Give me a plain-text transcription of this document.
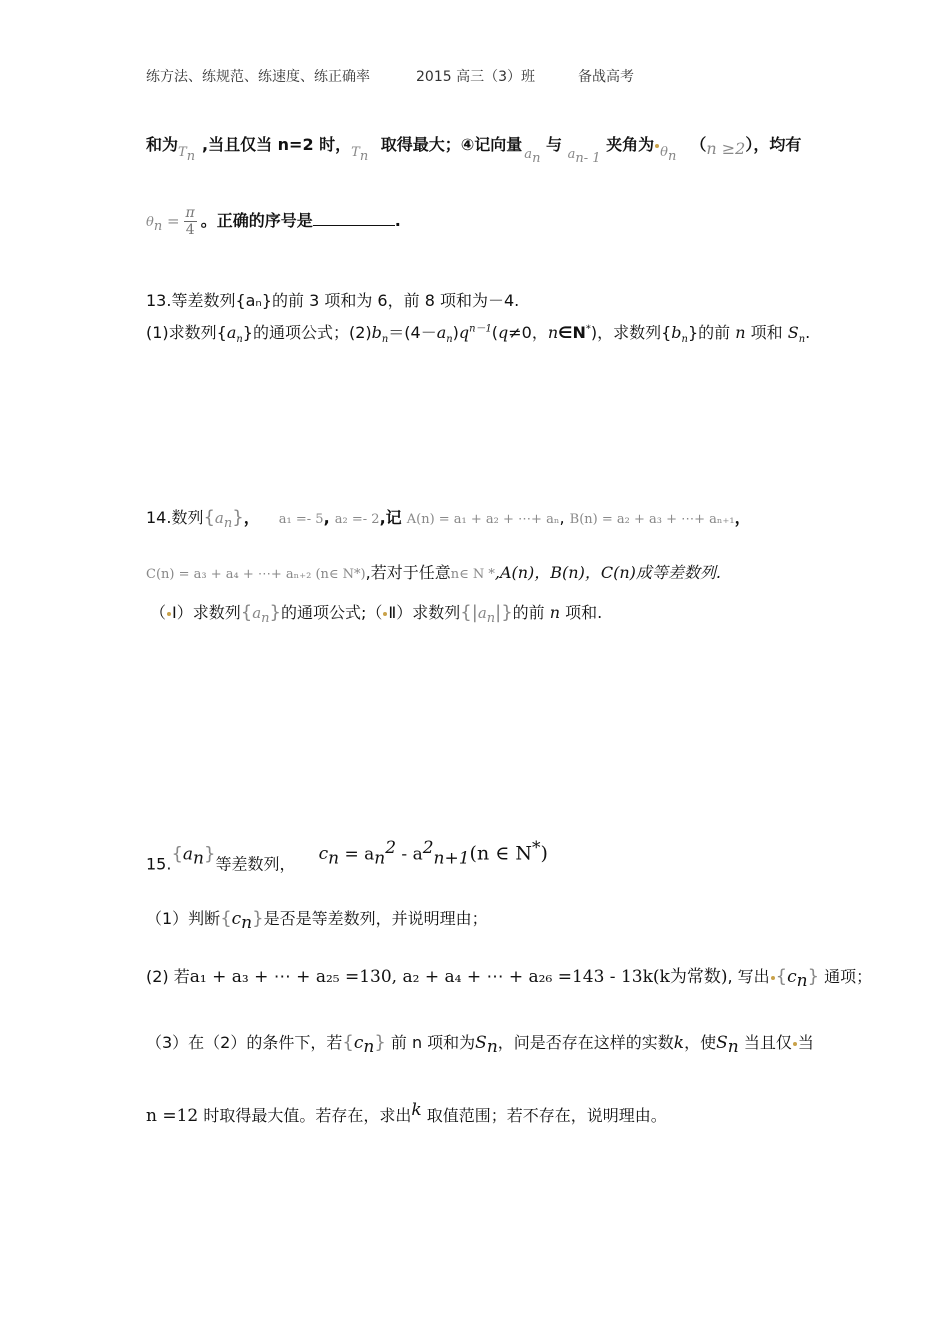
练方法、练规范、练速度、练正确率	2015 高三（3）班	备战高考
和为$T_n$,当且仅当 n=2 时，$T_n$ 取得最大；④记向量$a_n$ 与 $a_{n- 1}$ 夹角为 $\theta_n(n \ge 2)$，均有
$\theta_n = \frac{\pi}{4}$ 。正确的序号是	.
13.等差数列{aₙ}的前 3 项和为 6，前 8 项和为－4.
(1)求数列$\{a_n\}$的通项公式；$(2)b_n=(4-a_n)q^{n-1}(q\ne 0$，n∈N*)，求数列$\{b_n\}$的前 n 项和 $S_n$.
14.数列$\{a_n\}$， a₁ =- 5, a₂ =- 2,记 A(n) = a₁ + a₂ + ⋯+ aₙ, B(n) = a₂ + a₃ + ⋯+ aₙ₊₁，
C(n) = a₃ + a₄ + ⋯+ aₙ₊₂ (n∈ N*),若对于任意n∈ N *,A(n)，B(n)，C(n)成等差数列.
（ Ⅰ）求数列$\{a_n\}$的通项公式;（ Ⅱ）求数列$\{|a_n|\}$的前 n 项和.
$15.\{a_n\}$等差数列， $c_n = a_n^2 - a^2_{n+1}(n$ ∈ N*)
（1）判断$\{c_n\}$是否是等差数列，并说明理由；
(2) 若a₁ + a₃ + ⋯ + a₂₅ =130, a₂ + a₄ + ⋯ + a₂₆ =143 - 13k(k为常数), 写出 $\{c_n\}$ 通项；
（3）在（2）的条件下，若$\{c_n\}$ 前 n 项和为$S_n$，问是否存在这样的实数k，使$S_n$ 当且仅 当
n =12 时取得最大值。若存在，求出k 取值范围；若不存在，说明理由。
